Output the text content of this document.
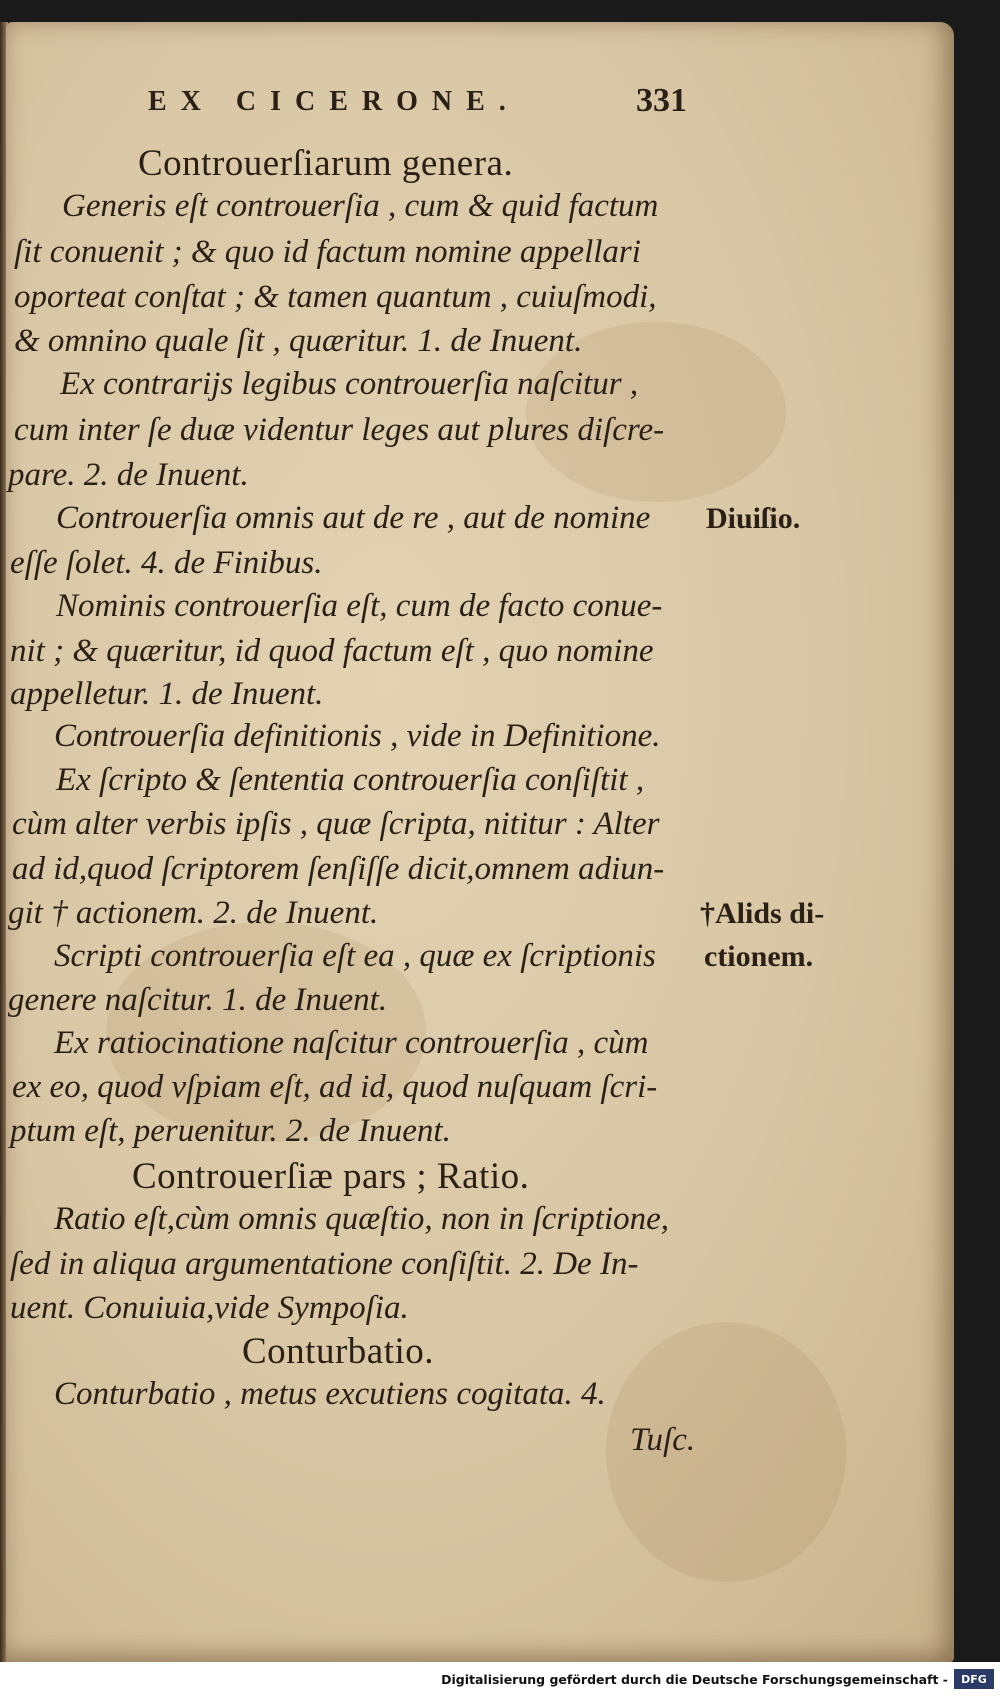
EX CICERONE.	331
Controuerſiarum genera.
Generis eſt controuerſia , cum & quid factum
ſit conuenit ; & quo id factum nomine appellari
oporteat conſtat ; & tamen quantum , cuiuſmodi,
& omnino quale ſit , quæritur. 1. de Inuent.
Ex contrarijs legibus controuerſia naſcitur ,
cum inter ſe duæ videntur leges aut plures diſcre-
pare. 2. de Inuent.
Controuerſia omnis aut de re , aut de nomine Diuiſio.
eſſe ſolet. 4. de Finibus.
Nominis controuerſia eſt, cum de facto conue-
nit ; & quæritur, id quod factum eſt , quo nomine
appelletur. 1. de Inuent.
Controuerſia definitionis , vide in Definitione.
Ex ſcripto & ſententia controuerſia conſiſtit ,
cùm alter verbis ipſis , quæ ſcripta, nititur : Alter
ad id,quod ſcriptorem ſenſiſſe dicit,omnem adiun-
git † actionem. 2. de Inuent.	†Alids di-
Scripti controuerſia eſt ea , quæ ex ſcriptionis ctionem.
genere naſcitur. 1. de Inuent.
Ex ratiocinatione naſcitur controuerſia , cùm
ex eo, quod vſpiam eſt, ad id, quod nuſquam ſcri-
ptum eſt, peruenitur. 2. de Inuent.
Controuerſiæ pars ; Ratio.
Ratio eſt,cùm omnis quæſtio, non in ſcriptione,
ſed in aliqua argumentatione conſiſtit. 2. De In-
uent. Conuiuia,vide Sympoſia.
Conturbatio.
Conturbatio , metus excutiens cogitata. 4.
Tuſc.
Digitalisierung gefördert durch die Deutsche Forschungsgemeinschaft -	DFG
